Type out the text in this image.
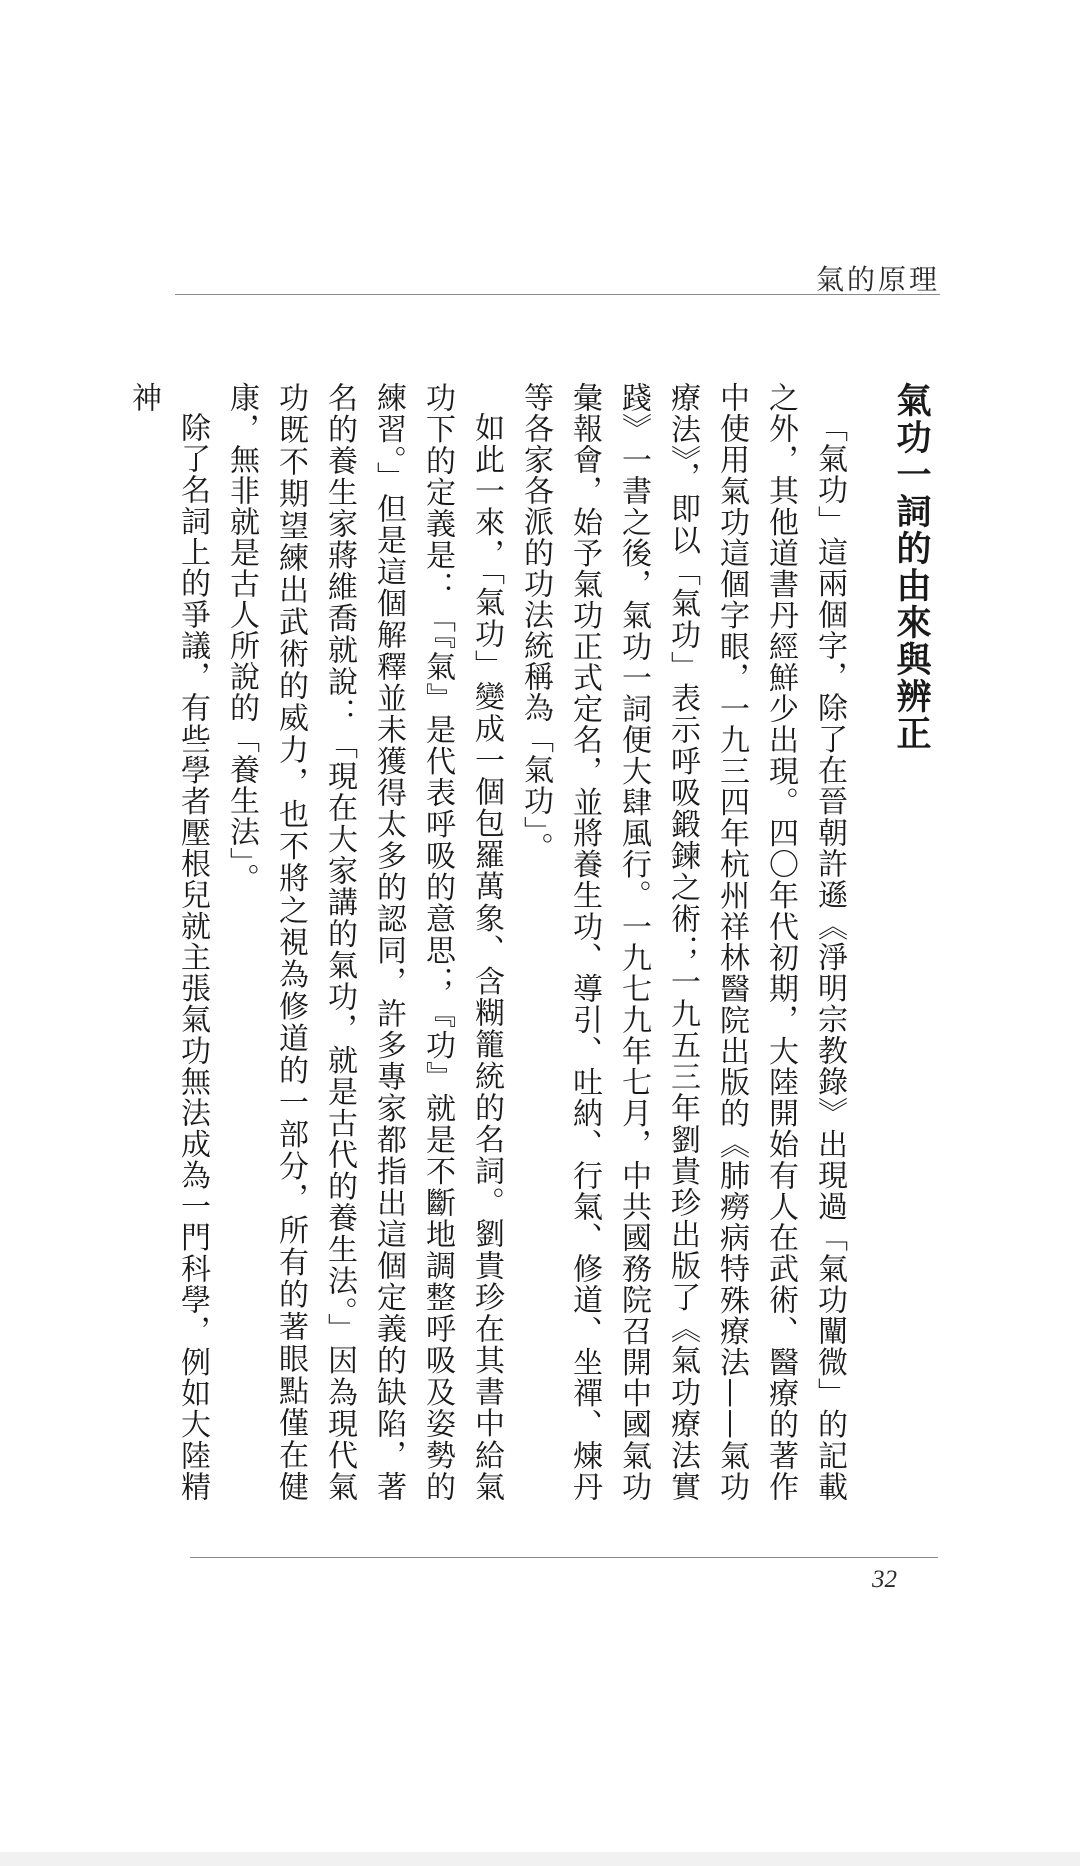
氣的原理
氣功一詞的由來與辨正

「氣功」這兩個字，除了在晉朝許遜《淨明宗教錄》出現過「氣功闡微」的記載之外，其他道書丹經鮮少出現。四〇年代初期，大陸開始有人在武術、醫療的著作中使用氣功這個字眼，一九三四年杭州祥林醫院出版的《肺癆病特殊療法——氣功療法》，即以「氣功」表示呼吸鍛鍊之術；一九五三年劉貴珍出版了《氣功療法實踐》一書之後，氣功一詞便大肆風行。一九七九年七月，中共國務院召開中國氣功彙報會，始予氣功正式定名，並將養生功、導引、吐納、行氣、修道、坐禪、煉丹等各家各派的功法統稱為「氣功」。

如此一來，「氣功」變成一個包羅萬象、含糊籠統的名詞。劉貴珍在其書中給氣功下的定義是：「『氣』是代表呼吸的意思；『功』就是不斷地調整呼吸及姿勢的練習。」但是這個解釋並未獲得太多的認同，許多專家都指出這個定義的缺陷，著名的養生家蔣維喬就說：「現在大家講的氣功，就是古代的養生法。」因為現代氣功既不期望練出武術的威力，也不將之視為修道的一部分，所有的著眼點僅在健康，無非就是古人所說的「養生法」。

除了名詞上的爭議，有些學者壓根兒就主張氣功無法成為一門科學，例如大陸精神

32
